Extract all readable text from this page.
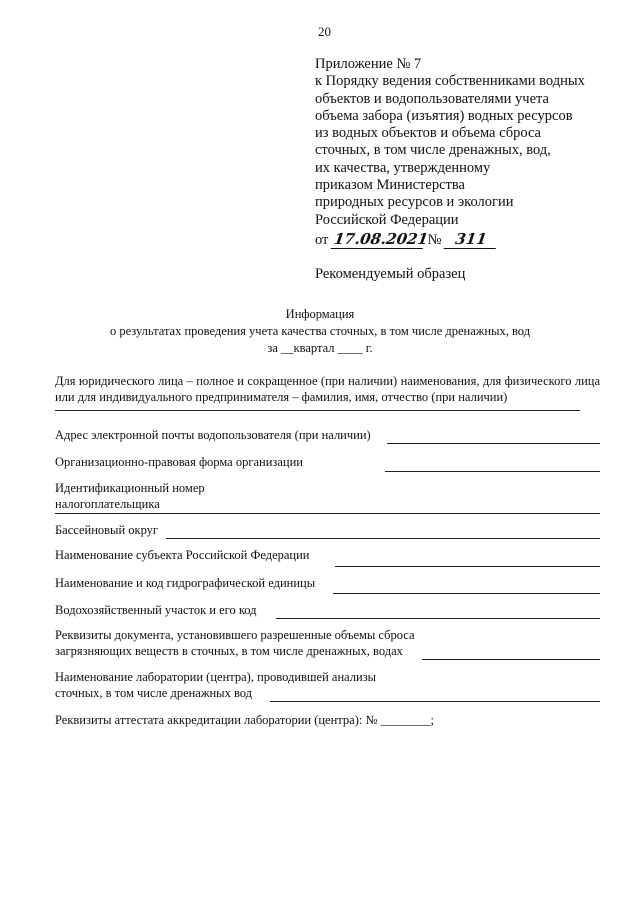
20
Приложение № 7
к Порядку ведения собственниками водных
объектов и водопользователями учета
объема забора (изъятия) водных ресурсов
из водных объектов и объема сброса
сточных, в том числе дренажных, вод,
их качества, утвержденному
приказом Министерства
природных ресурсов и экологии
Российской Федерации
от 17.08.2021 № 311
Рекомендуемый образец
Информация
о результатах проведения учета качества сточных, в том числе дренажных, вод
за __квартал ____ г.
Для юридического лица – полное и сокращенное (при наличии) наименования, для физического лица или для индивидуального предпринимателя – фамилия, имя, отчество (при наличии)
Адрес электронной почты водопользователя (при наличии)
Организационно-правовая форма организации
Идентификационный номер
налогоплательщика
Бассейновый округ
Наименование субъекта Российской Федерации
Наименование и код гидрографической единицы
Водохозяйственный участок и его код
Реквизиты документа, установившего разрешенные объемы сброса
загрязняющих веществ в сточных, в том числе дренажных, водах
Наименование лаборатории (центра), проводившей анализы
сточных, в том числе дренажных вод
Реквизиты аттестата аккредитации лаборатории (центра): № ________;
